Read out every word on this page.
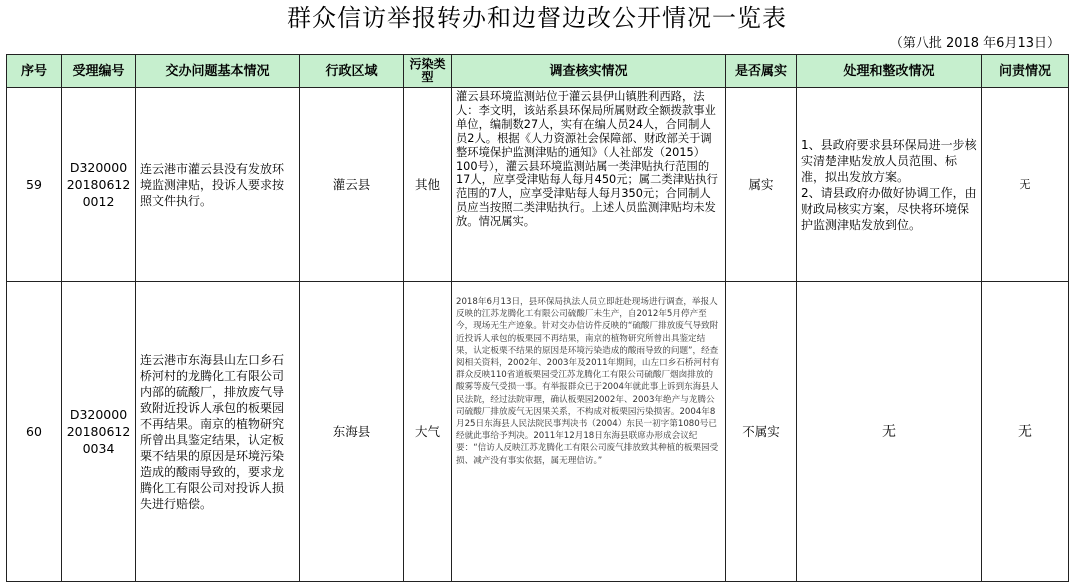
群众信访举报转办和边督边改公开情况一览表
（第八批 2018 年6月13日）
序号	受理编号	交办问题基本情况	行政区域	污染类型	调查核实情况	是否属实	处理和整改情况	问责情况
59	D320000201806120012	连云港市灌云县没有发放环境监测津贴，投诉人要求按照文件执行。	灌云县	其他	灌云县环境监测站位于灌云县伊山镇胜利西路，法人：李文明，该站系县环保局所属财政全额拨款事业单位，编制数27人，实有在编人员24人，合同制人员2人。根据《人力资源社会保障部、财政部关于调整环境保护监测津贴的通知》（人社部发（2015）100号），灌云县环境监测站属一类津贴执行范围的17人，应享受津贴每人每月450元；属二类津贴执行范围的7人，应享受津贴每人每月350元；合同制人员应当按照二类津贴执行。上述人员监测津贴均未发放。情况属实。	属实	1、县政府要求县环保局进一步核实清楚津贴发放人员范围、标准，拟出发放方案。
2、请县政府办做好协调工作，由财政局核实方案，尽快将环境保护监测津贴发放到位。	无
60	D320000201806120034	连云港市东海县山左口乡石桥河村的龙腾化工有限公司内部的硫酸厂，排放废气导致附近投诉人承包的板栗园不再结果。南京的植物研究所曾出具鉴定结果，认定板栗不结果的原因是环境污染造成的酸雨导致的，要求龙腾化工有限公司对投诉人损失进行赔偿。	东海县	大气	2018年6月13日，县环保局执法人员立即赶赴现场进行调查，举报人反映的江苏龙腾化工有限公司硫酸厂未生产，自2012年5月停产至今，现场无生产迹象。针对交办信访件反映的“硫酸厂排放废气导致附近投诉人承包的板栗园不再结果，南京的植物研究所曾出具鉴定结果，认定板栗不结果的原因是环境污染造成的酸雨导致的问题”，经查阅相关资料，2002年、2003年及2011年期间，山左口乡石桥河村有群众反映110省道板栗园受江苏龙腾化工有限公司硫酸厂烟囱排放的酸雾等废气受损一事。有举报群众已于2004年就此事上诉到东海县人民法院，经过法院审理，确认板栗园2002年、2003年绝产与龙腾公司硫酸厂排放废气无因果关系，不构成对板栗园污染损害。2004年8月25日东海县人民法院民事判决书（2004）东民一初字第1080号已经就此事给予判决。2011年12月18日东海县联席办形成会议纪要：“信访人反映江苏龙腾化工有限公司废气排放致其种植的板栗园受损、减产没有事实依据，属无理信访。”	不属实	无	无
